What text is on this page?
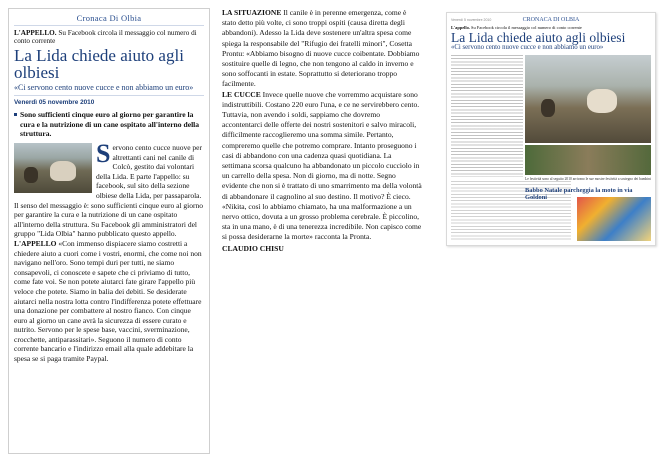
Cronaca Di Olbia
L'APPELLO. Su Facebook circola il messaggio col numero di conto corrente
La Lida chiede aiuto agli olbiesi
«Ci servono cento nuove cucce e non abbiamo un euro»
Venerdì 05 novembre 2010
Sono sufficienti cinque euro al giorno per garantire la cura e la nutrizione di un cane ospitato all'interno della struttura.
Servono cento cucce nuove per altrettanti cani nel canile di Colcò, gestito dai volontari della Lida. E parte l'appello: su facebook, sul sito della sezione olbiese della Lida, per passaparola. Il senso del messaggio è: sono sufficienti cinque euro al giorno per garantire la cura e la nutrizione di un cane ospitato all'interno della struttura. Su Facebook gli amministratori del gruppo "Lida Olbia" hanno pubblicato questo appello.
L'APPELLO «Con immenso dispiacere siamo costretti a chiedere aiuto a cuori come i vostri, enormi, che come noi non navigano nell'oro. Sono tempi duri per tutti, ne siamo consapevoli, ci conoscete e sapete che ci priviamo di tutto, come fate voi. Se non potete aiutarci fate girare l'appello più veloce che potete. Siamo in balia dei debiti. Se desiderate aiutarci nella nostra lotta contro l'indifferenza potete effettuare una donazione per combattere al nostro fianco. Con cinque euro al giorno un cane avrà la sicurezza di essere curato e nutrito. Servono per le spese base, vaccini, sverminazione, crocchette, antiparassitari». Seguono il numero di conto corrente bancario e l'indirizzo email alla quale addebitare la spesa se si paga tramite Paypal.
LA SITUAZIONE Il canile è in perenne emergenza, come è stato detto più volte, ci sono troppi ospiti (causa diretta degli abbandoni). Adesso la Lida deve sostenere un'altra spesa come spiega la responsabile del "Rifugio dei fratelli minori", Cosetta Prontu: «Abbiamo bisogno di nuove cucce coibentate. Dobbiamo sostituire quelle di legno, che non tengono al caldo in inverno e sono soffocanti in estate. Soprattutto si deteriorano troppo facilmente.
LE CUCCE Invece quelle nuove che vorremmo acquistare sono indistruttibili. Costano 220 euro l'una, e ce ne servirebbero cento. Tuttavia, non avendo i soldi, sappiamo che dovremo accontentarci delle offerte dei nostri sostenitori e salvo miracoli, difficilmente raccoglieremo una somma simile. Pertanto, compreremo quelle che potremo comprare. Intanto proseguono i casi di abbandono con una cadenza quasi quotidiana. La settimana scorsa qualcuno ha abbandonato un piccolo cucciolo in un carrello della spesa. Non di giorno, ma di notte. Segno evidente che non si è trattato di uno smarrimento ma della volontà di abbandonare il cagnolino al suo destino. Il motivo? È cieco. «Nikita, così lo abbiamo chiamato, ha una malformazione a un nervo ottico, dovuta a un grosso problema cerebrale. È piccolino, sta in una mano, è di una tenerezza incredibile. Non capisco come si possa desiderarne la morte» racconta la Pronta.
CLAUDIO CHISU
Venerdì 5 novembre 2010	CRONACA DI OLBIA
L'appello. Su Facebook circola il messaggio col numero di conto corrente
La Lida chiede aiuto agli olbiesi
«Ci servono cento nuove cucce e non abbiamo un euro»
Le festività sono al seguito 2010 arrivano le sue mostre festività a sostegno dei bambini
Babbo Natale parcheggia la moto in via Goldoni
